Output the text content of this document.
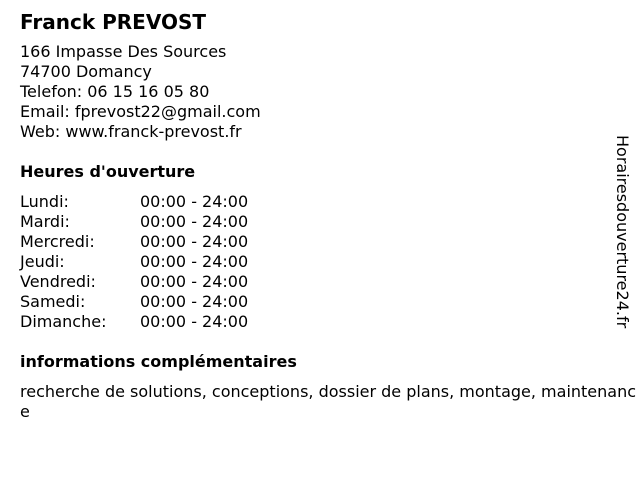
Franck PREVOST
166 Impasse Des Sources
74700 Domancy
Telefon: 06 15 16 05 80
Email: fprevost22@gmail.com
Web: www.franck-prevost.fr
Heures d'ouverture
Lundi:	00:00 - 24:00
Mardi:	00:00 - 24:00
Mercredi:	00:00 - 24:00
Jeudi:	00:00 - 24:00
Vendredi:	00:00 - 24:00
Samedi:	00:00 - 24:00
Dimanche:	00:00 - 24:00
informations complémentaires
recherche de solutions, conceptions, dossier de plans, montage, maintenance
Horairesdouverture24.fr
